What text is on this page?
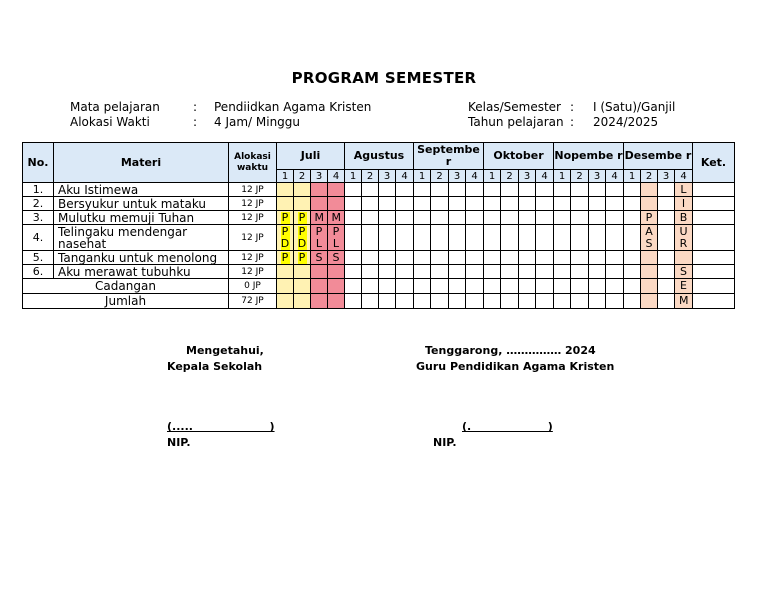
PROGRAM SEMESTER
Mata pelajaran	: Pendiidkan Agama Kristen
Alokasi Wakti	: 4 Jam/ Minggu
Kelas/Semester : I (Satu)/Ganjil
Tahun pelajaran : 2024/2025
No.	Materi	Alokasi waktu	Juli				Agustus				Septembe r				Oktober				Nopembe r				Desembe r				Ket.
			1	2	3	4	1	2	3	4	1	2	3	4	1	2	3	4	1	2	3	4	1	2	3	4	
1.	Aku Istimewa	12 JP																								L	
2.	Bersyukur untuk mataku	12 JP																								I	
3.	Mulutku memuji Tuhan	12 JP	P	P	M	M																		P		B	
4.	Telingaku mendengar nasehat	12 JP	P D	P D	P L	P L																		A S		U R	
5.	Tanganku untuk menolong	12 JP	P	P	S	S																					
6.	Aku merawat tubuhku	12 JP																								S	
Cadangan		0 JP																								E	
Jumlah		72 JP																								M	
Mengetahui,
Kepala Sekolah
(.....                    )
NIP.
Tenggarong, …………… 2024
Guru Pendidikan Agama Kristen
(.                    )
NIP.
